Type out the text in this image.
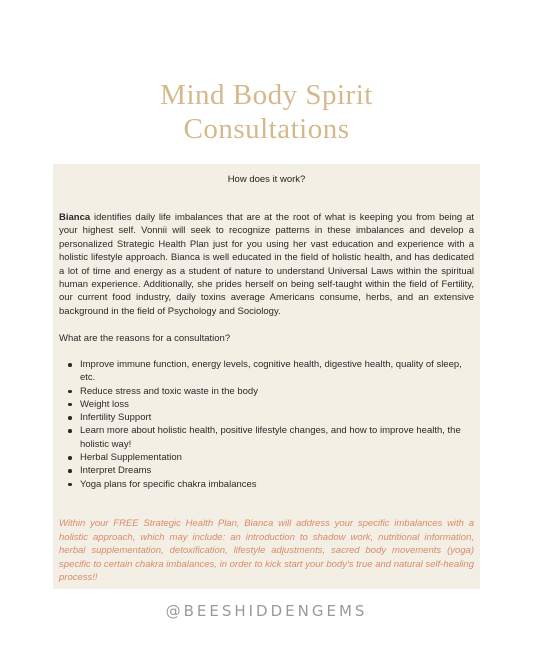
Mind Body Spirit
Consultations
How does it work?
Bianca identifies daily life imbalances that are at the root of what is keeping you from being at your highest self. Vonnii will seek to recognize patterns in these imbalances and develop a personalized Strategic Health Plan just for you using her vast education and experience with a holistic lifestyle approach. Bianca is well educated in the field of holistic health, and has dedicated a lot of time and energy as a student of nature to understand Universal Laws within the spiritual human experience. Additionally, she prides herself on being self-taught within the field of Fertility, our current food industry, daily toxins average Americans consume, herbs, and an extensive background in the field of Psychology and Sociology.
What are the reasons for a consultation?
Improve immune function, energy levels, cognitive health, digestive health, quality of sleep, etc.
Reduce stress and toxic waste in the body
Weight loss
Infertility Support
Learn more about holistic health, positive lifestyle changes, and how to improve health, the holistic way!
Herbal Supplementation
Interpret Dreams
Yoga plans for specific chakra imbalances
Within your FREE Strategic Health Plan, Bianca will address your specific imbalances with a holistic approach, which may include: an introduction to shadow work, nutritional information, herbal supplementation, detoxification, lifestyle adjustments, sacred body movements (yoga) specific to certain chakra imbalances, in order to kick start your body's true and natural self-healing process!!
@BEESHIDDENGEMS
